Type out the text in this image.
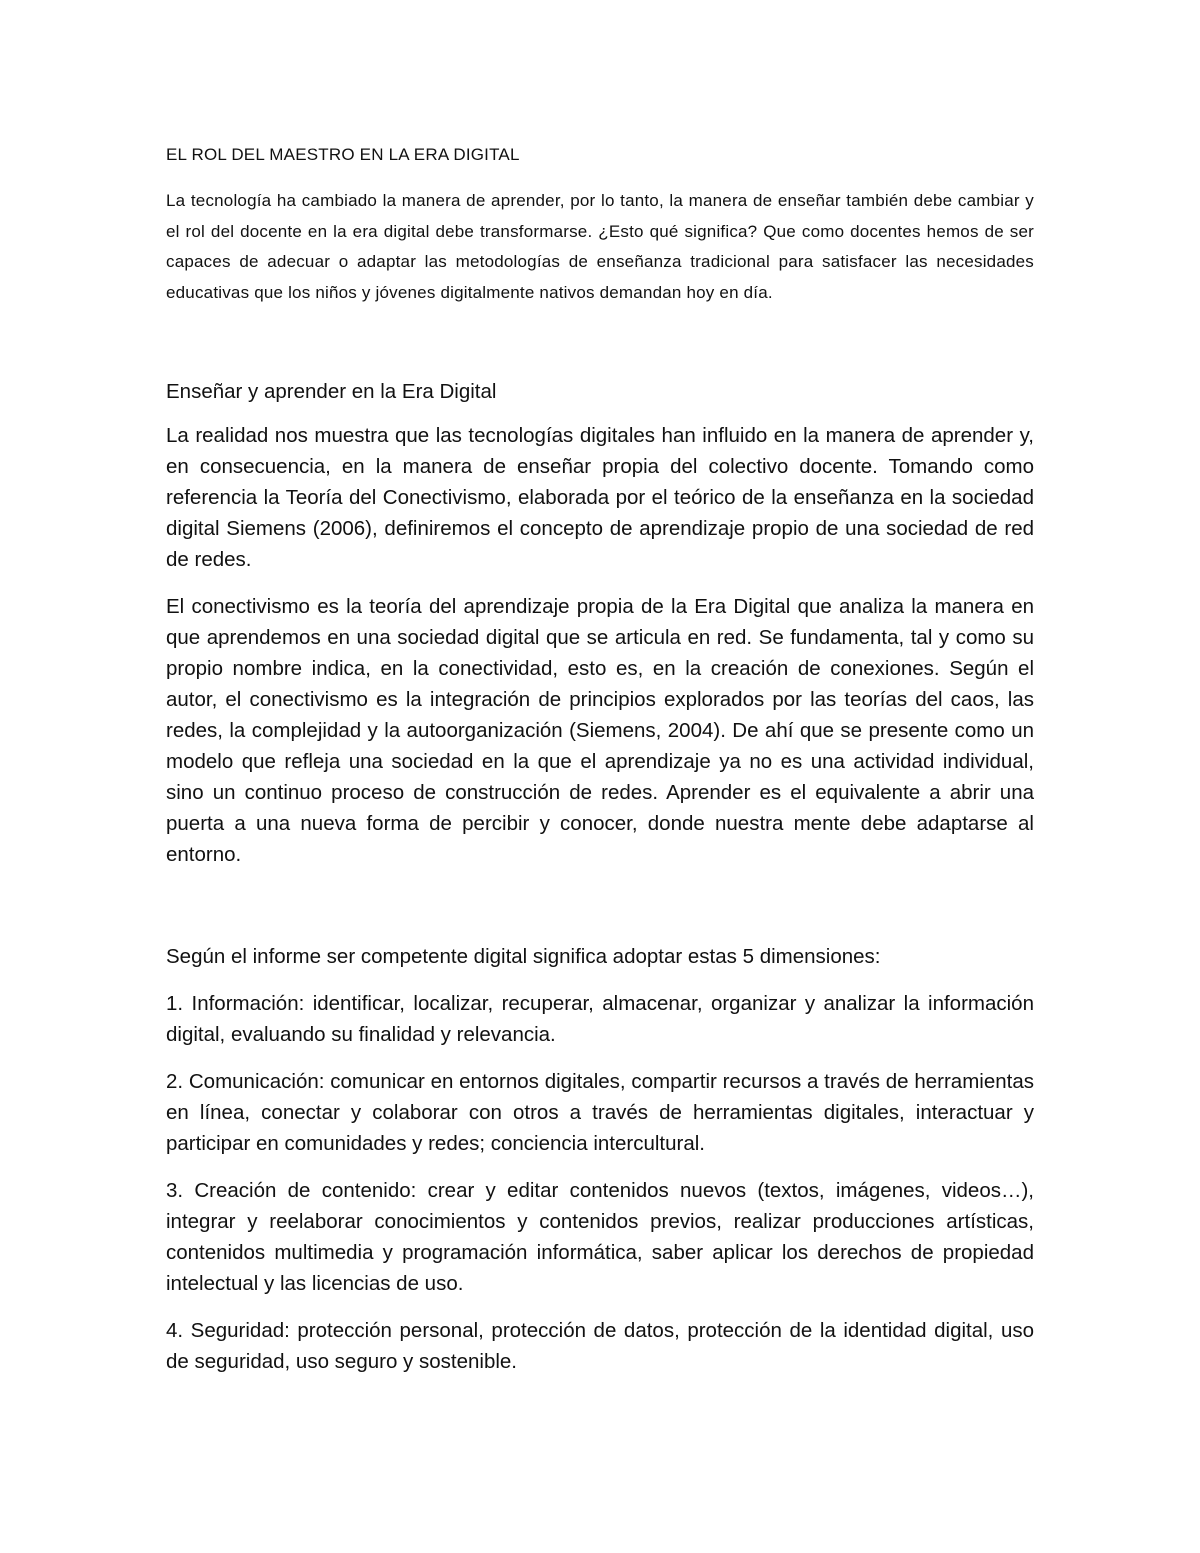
EL ROL DEL MAESTRO EN LA ERA DIGITAL

La tecnología ha cambiado la manera de aprender, por lo tanto, la manera de enseñar también debe cambiar y el rol del docente en la era digital debe transformarse. ¿Esto qué significa? Que como docentes hemos de ser capaces de adecuar o adaptar las metodologías de enseñanza tradicional para satisfacer las necesidades educativas que los niños y jóvenes digitalmente nativos demandan hoy en día.

Enseñar y aprender en la Era Digital

La realidad nos muestra que las tecnologías digitales han influido en la manera de aprender y, en consecuencia, en la manera de enseñar propia del colectivo docente. Tomando como referencia la Teoría del Conectivismo, elaborada por el teórico de la enseñanza en la sociedad digital Siemens (2006), definiremos el concepto de aprendizaje propio de una sociedad de red de redes.

El conectivismo es la teoría del aprendizaje propia de la Era Digital que analiza la manera en que aprendemos en una sociedad digital que se articula en red. Se fundamenta, tal y como su propio nombre indica, en la conectividad, esto es, en la creación de conexiones. Según el autor, el conectivismo es la integración de principios explorados por las teorías del caos, las redes, la complejidad y la autoorganización (Siemens, 2004). De ahí que se presente como un modelo que refleja una sociedad en la que el aprendizaje ya no es una actividad individual, sino un continuo proceso de construcción de redes. Aprender es el equivalente a abrir una puerta a una nueva forma de percibir y conocer, donde nuestra mente debe adaptarse al entorno.

Según el informe ser competente digital significa adoptar estas 5 dimensiones:

1. Información: identificar, localizar, recuperar, almacenar, organizar y analizar la información digital, evaluando su finalidad y relevancia.

2. Comunicación: comunicar en entornos digitales, compartir recursos a través de herramientas en línea, conectar y colaborar con otros a través de herramientas digitales, interactuar y participar en comunidades y redes; conciencia intercultural.

3. Creación de contenido: crear y editar contenidos nuevos (textos, imágenes, videos…), integrar y reelaborar conocimientos y contenidos previos, realizar producciones artísticas, contenidos multimedia y programación informática, saber aplicar los derechos de propiedad intelectual y las licencias de uso.

4. Seguridad: protección personal, protección de datos, protección de la identidad digital, uso de seguridad, uso seguro y sostenible.
